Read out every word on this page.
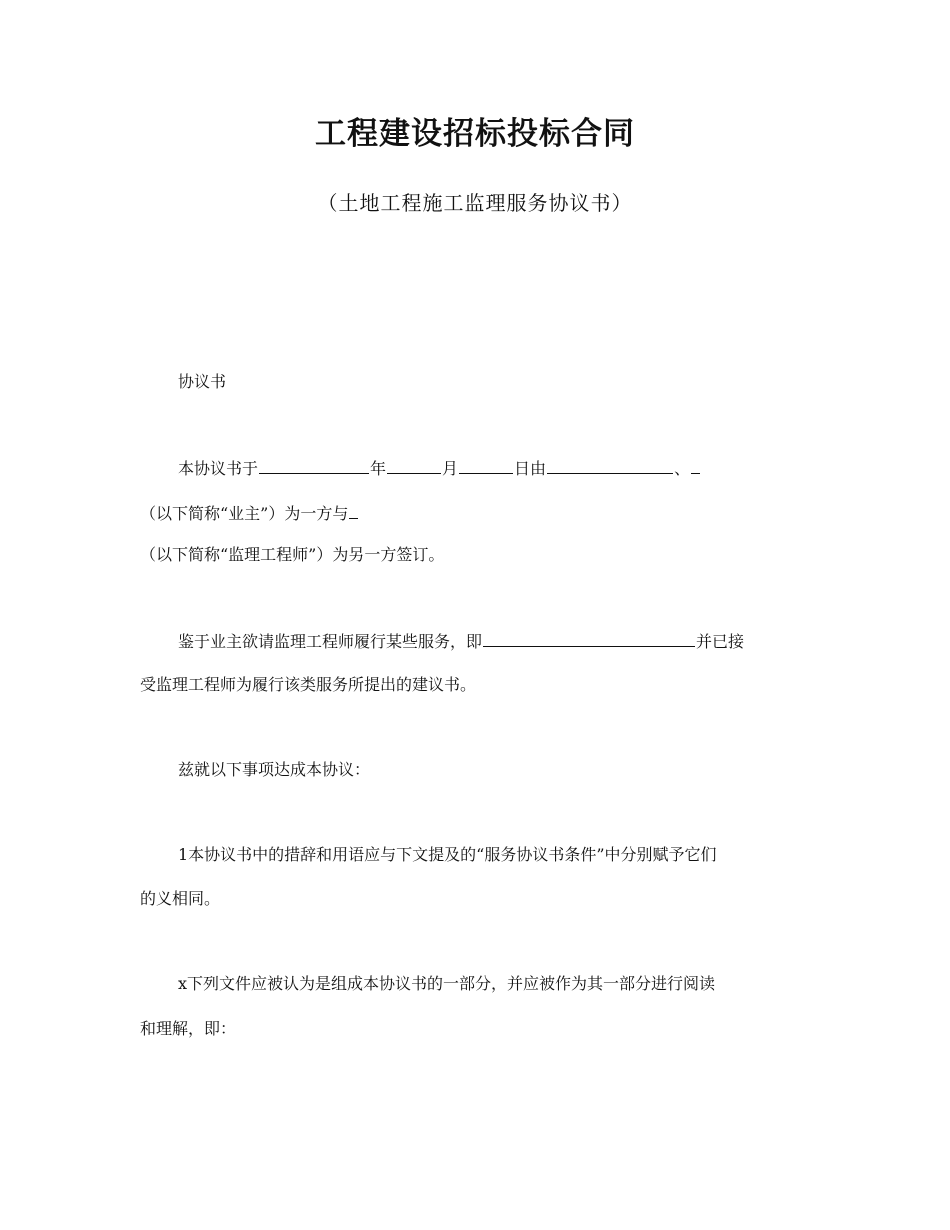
工程建设招标投标合同
（土地工程施工监理服务协议书）
协议书
本协议书于	年	月	日由	、
（以下简称“业主”）为一方与
（以下简称“监理工程师”）为另一方签订。
鉴于业主欲请监理工程师履行某些服务，即	并已接
受监理工程师为履行该类服务所提出的建议书。
兹就以下事项达成本协议：
1本协议书中的措辞和用语应与下文提及的“服务协议书条件”中分别赋予它们
的义相同。
x下列文件应被认为是组成本协议书的一部分，并应被作为其一部分进行阅读
和理解，即：
